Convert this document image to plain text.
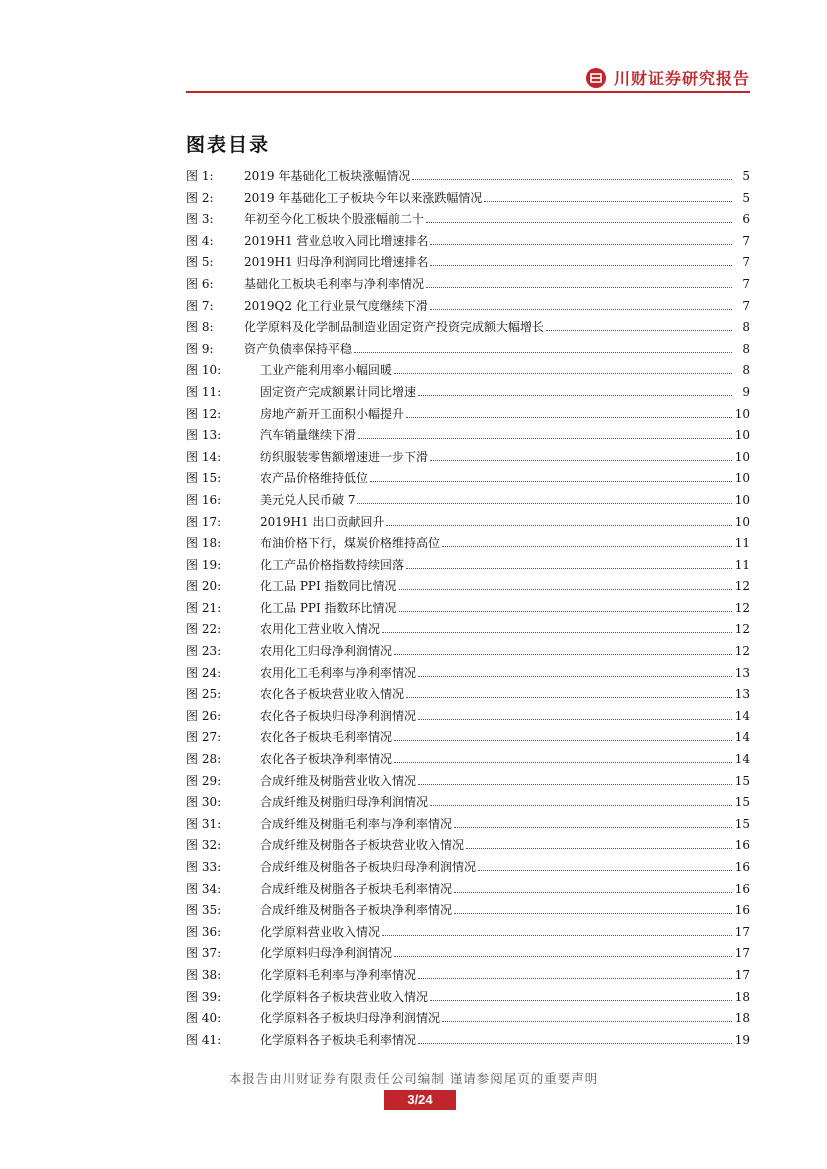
川财证券研究报告
图表目录
图 1:	2019 年基础化工板块涨幅情况	5
图 2:	2019 年基础化工子板块今年以来涨跌幅情况	5
图 3:	年初至今化工板块个股涨幅前二十	6
图 4:	2019H1 营业总收入同比增速排名	7
图 5:	2019H1 归母净利润同比增速排名	7
图 6:	基础化工板块毛利率与净利率情况	7
图 7:	2019Q2 化工行业景气度继续下滑	7
图 8:	化学原料及化学制品制造业固定资产投资完成额大幅增长	8
图 9:	资产负债率保持平稳	8
图 10:	工业产能利用率小幅回暖	8
图 11:	固定资产完成额累计同比增速	9
图 12:	房地产新开工面积小幅提升	10
图 13:	汽车销量继续下滑	10
图 14:	纺织服装零售额增速进一步下滑	10
图 15:	农产品价格维持低位	10
图 16:	美元兑人民币破 7	10
图 17:	2019H1 出口贡献回升	10
图 18:	布油价格下行，煤炭价格维持高位	11
图 19:	化工产品价格指数持续回落	11
图 20:	化工品 PPI 指数同比情况	12
图 21:	化工品 PPI 指数环比情况	12
图 22:	农用化工营业收入情况	12
图 23:	农用化工归母净利润情况	12
图 24:	农用化工毛利率与净利率情况	13
图 25:	农化各子板块营业收入情况	13
图 26:	农化各子板块归母净利润情况	14
图 27:	农化各子板块毛利率情况	14
图 28:	农化各子板块净利率情况	14
图 29:	合成纤维及树脂营业收入情况	15
图 30:	合成纤维及树脂归母净利润情况	15
图 31:	合成纤维及树脂毛利率与净利率情况	15
图 32:	合成纤维及树脂各子板块营业收入情况	16
图 33:	合成纤维及树脂各子板块归母净利润情况	16
图 34:	合成纤维及树脂各子板块毛利率情况	16
图 35:	合成纤维及树脂各子板块净利率情况	16
图 36:	化学原料营业收入情况	17
图 37:	化学原料归母净利润情况	17
图 38:	化学原料毛利率与净利率情况	17
图 39:	化学原料各子板块营业收入情况	18
图 40:	化学原料各子板块归母净利润情况	18
图 41:	化学原料各子板块毛利率情况	19
本报告由川财证券有限责任公司编制 谨请参阅尾页的重要声明
3/24
